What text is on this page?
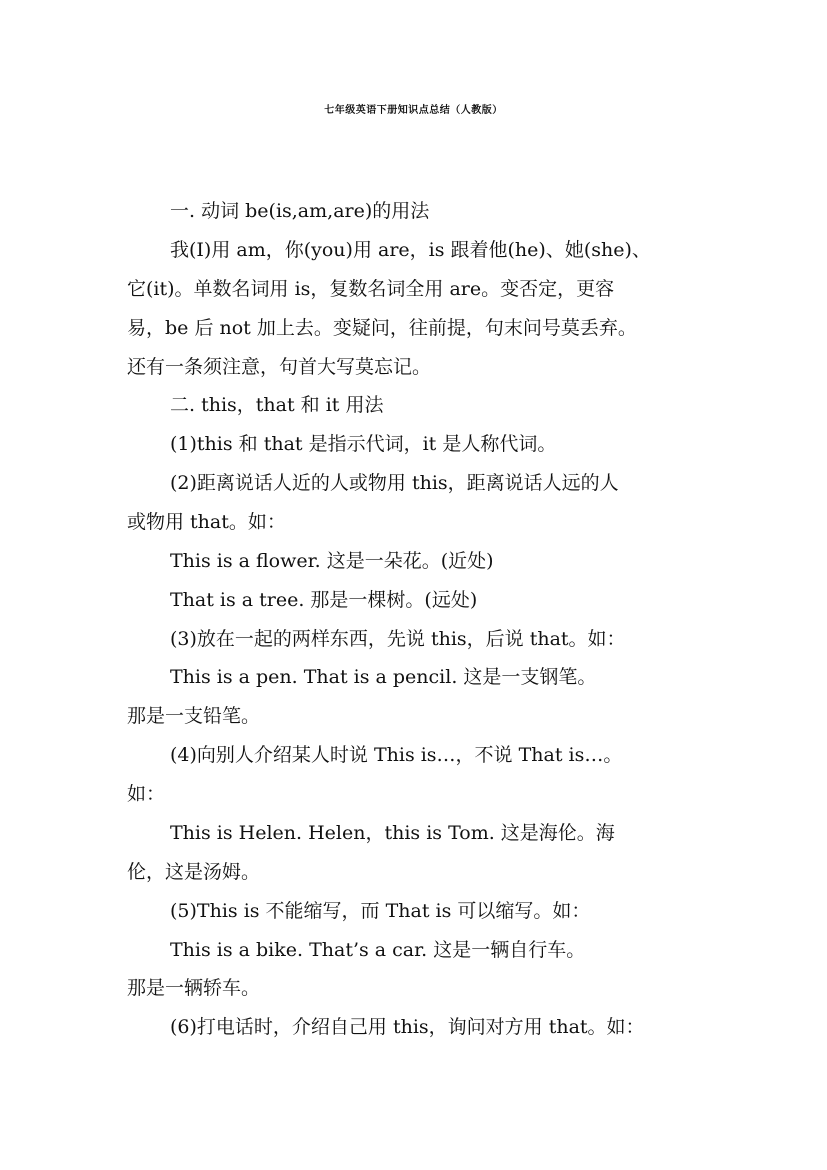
七年级英语下册知识点总结（人教版）
一. 动词 be(is,am,are)的用法
我(I)用 am，你(you)用 are，is 跟着他(he)、她(she)、
它(it)。单数名词用 is，复数名词全用 are。变否定，更容
易，be 后 not 加上去。变疑问，往前提，句末问号莫丢弃。
还有一条须注意，句首大写莫忘记。
二. this，that 和 it 用法
(1)this 和 that 是指示代词，it 是人称代词。
(2)距离说话人近的人或物用 this，距离说话人远的人
或物用 that。如：
This is a flower. 这是一朵花。(近处)
That is a tree. 那是一棵树。(远处)
(3)放在一起的两样东西，先说 this，后说 that。如：
This is a pen. That is a pencil. 这是一支钢笔。
那是一支铅笔。
(4)向别人介绍某人时说 This is…，不说 That is…。
如：
This is Helen. Helen，this is Tom. 这是海伦。海
伦，这是汤姆。
(5)This is 不能缩写，而 That is 可以缩写。如：
This is a bike. That’s a car. 这是一辆自行车。
那是一辆轿车。
(6)打电话时，介绍自己用 this，询问对方用 that。如：
